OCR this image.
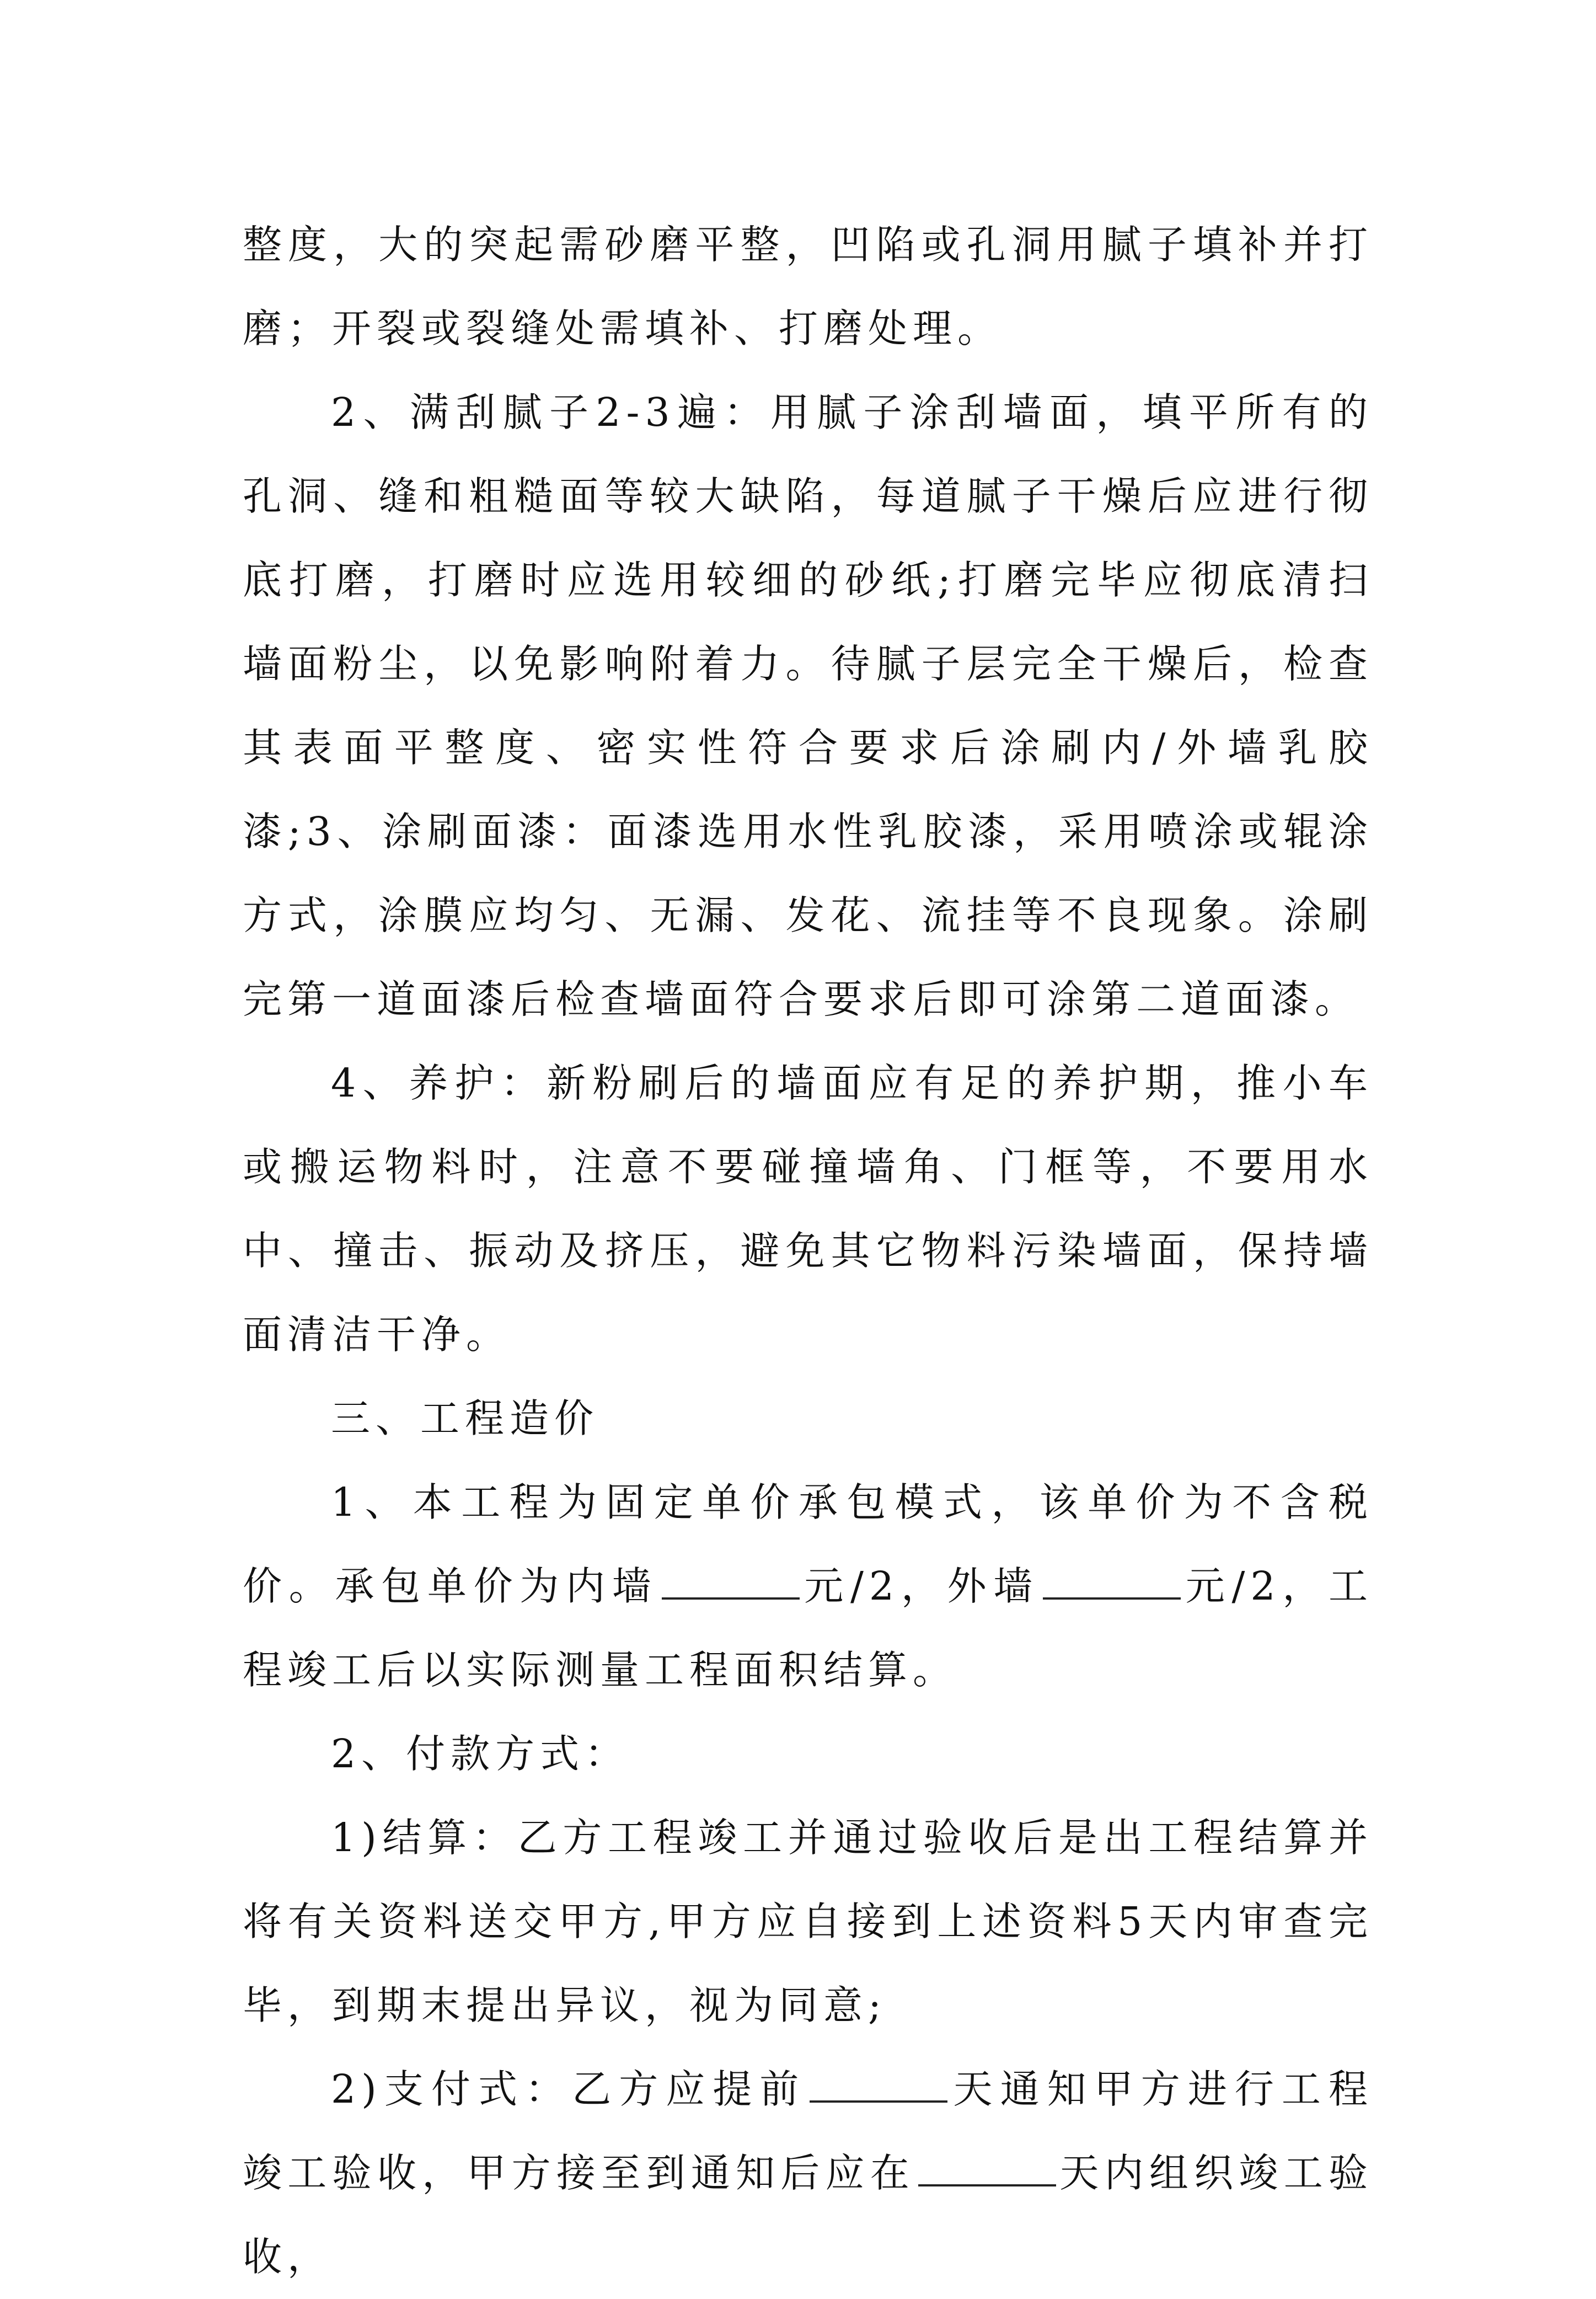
整度，大的突起需砂磨平整，凹陷或孔洞用腻子填补并打磨；开裂或裂缝处需填补、打磨处理。

2、满刮腻子2-3遍：用腻子涂刮墙面，填平所有的孔洞、缝和粗糙面等较大缺陷，每道腻子干燥后应进行彻底打磨，打磨时应选用较细的砂纸;打磨完毕应彻底清扫墙面粉尘，以免影响附着力。待腻子层完全干燥后，检查其表面平整度、密实性符合要求后涂刷内/外墙乳胶漆;3、涂刷面漆：面漆选用水性乳胶漆，采用喷涂或辊涂方式，涂膜应均匀、无漏、发花、流挂等不良现象。涂刷完第一道面漆后检查墙面符合要求后即可涂第二道面漆。

4、养护：新粉刷后的墙面应有足的养护期，推小车或搬运物料时，注意不要碰撞墙角、门框等，不要用水中、撞击、振动及挤压，避免其它物料污染墙面，保持墙面清洁干净。

三、工程造价

1、本工程为固定单价承包模式，该单价为不含税价。承包单价为内墙	元/2，外墙	元/2，工程竣工后以实际测量工程面积结算。

2、付款方式：

1)结算：乙方工程竣工并通过验收后是出工程结算并将有关资料送交甲方,甲方应自接到上述资料5天内审查完毕，到期末提出异议，视为同意;

2)支付式：乙方应提前	天通知甲方进行工程竣工验收，甲方接至到通知后应在	天内组织竣工验收，
